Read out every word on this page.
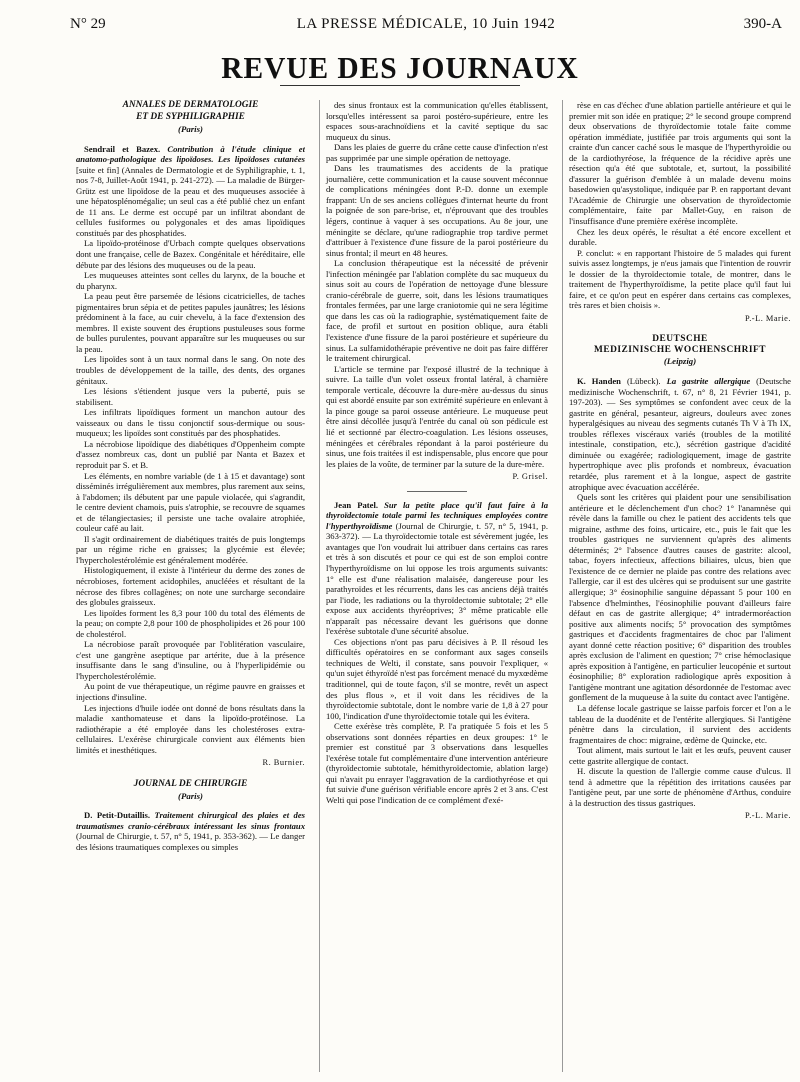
N° 29	LA PRESSE MÉDICALE, 10 Juin 1942	390-A
REVUE DES JOURNAUX
ANNALES DE DERMATOLOGIE
ET DE SYPHILIGRAPHIE
(Paris)

Sendrail et Bazex. Contribution à l'étude clinique et anatomo-pathologique des lipoïdoses. Les lipoïdoses cutanées [suite et fin] (Annales de Dermatologie et de Syphiligraphie, t. 1, nos 7-8, Juillet-Août 1941, p. 241-272). — La maladie de Bürger-Grütz est une lipoïdose de la peau et des muqueuses associée à une hépatosplénomégalie; un seul cas a été publié chez un enfant de 11 ans. Le derme est occupé par un infiltrat abondant de cellules fusiformes ou polygonales et des amas lipoïdiques constitués par des phosphatides.

La lipoïdo-protéinose d'Urbach compte quelques observations dont une française, celle de Bazex. Congénitale et héréditaire, elle débute par des lésions des muqueuses ou de la peau.

Les muqueuses atteintes sont celles du larynx, de la bouche et du pharynx.

La peau peut être parsemée de lésions cicatricielles, de taches pigmentaires brun sépia et de petites papules jaunâtres; les lésions prédominent à la face, au cuir chevelu, à la face d'extension des membres. Il existe souvent des éruptions pustuleuses sous forme de bulles purulentes, pouvant apparaître sur les muqueuses ou sur la peau.

Les lipoïdes sont à un taux normal dans le sang. On note des troubles de développement de la taille, des dents, des organes génitaux.

Les lésions s'étiendent jusque vers la puberté, puis se stabilisent.

Les infiltrats lipoïdiques forment un manchon autour des vaisseaux ou dans le tissu conjonctif sous-dermique ou sous-muqueux; les lipoïdes sont constitués par des phosphatides.

La nécrobiose lipoïdique des diabétiques d'Oppenheim compte d'assez nombreux cas, dont un publié par Nanta et Bazex et reproduit par S. et B.

Les éléments, en nombre variable (de 1 à 15 et davantage) sont disséminés irrégulièrement aux membres, plus rarement aux seins, à l'abdomen; ils débutent par une papule violacée, qui s'agrandit, le centre devient chamois, puis s'atrophie, se recouvre de squames et de télangiectasies; il persiste une tache ovalaire atrophiée, couleur café au lait.

Il s'agit ordinairement de diabétiques traités de puis longtemps par un régime riche en graisses; la glycémie est élevée; l'hypercholestérolémie est généralement modérée.

Histologiquement, il existe à l'intérieur du derme des zones de nécrobioses, fortement acidophiles, anucléées et résultant de la nécrose des fibres collagènes; on note une surcharge secondaire des globules graisseux.

Les lipoïdes forment les 8,3 pour 100 du total des éléments de la peau; on compte 2,8 pour 100 de phospholipides et 26 pour 100 de cholestérol.

La nécrobiose paraît provoquée par l'oblitération vasculaire, c'est une gangrène aseptique par artérite, due à la présence insuffisante dans le sang d'insuline, ou à l'hyperlipidémie ou l'hypercholestérolémie.

Au point de vue thérapeutique, un régime pauvre en graisses et injections d'insuline.

Les injections d'huile iodée ont donné de bons résultats dans la maladie xanthomateuse et dans la lipoïdo-protéinose. La radiothérapie a été employée dans les cholestéroses extra-cellulaires. L'exérèse chirurgicale convient aux éléments bien limités et inesthétiques.

R. Burnier.
JOURNAL DE CHIRURGIE
(Paris)

D. Petit-Dutaillis. Traitement chirurgical des plaies et des traumatismes cranio-cérébraux intéressant les sinus frontaux (Journal de Chirurgie, t. 57, n° 5, 1941, p. 353-362). — Le danger des lésions traumatiques complexes ou simples

des sinus frontaux est la communication qu'elles établissent, lorsqu'elles intéressent sa paroi postéro-supérieure, entre les espaces sous-arachnoïdiens et la cavité septique du sac muqueux du sinus.

Dans les plaies de guerre du crâne cette cause d'infection n'est pas supprimée par une simple opération de nettoyage.

Dans les traumatismes des accidents de la pratique journalière, cette communication et la cause souvent méconnue de complications méningées dont P.-D. donne un exemple frappant: Un de ses anciens collègues d'internat heurte du front la poignée de son pare-brise, et, n'éprouvant que des troubles légers, continue à vaquer à ses occupations. Au 8e jour, une méningite se déclare, qu'une radiographie trop tardive permet d'attribuer à l'existence d'une fissure de la paroi postérieure du sinus frontal; il meurt en 48 heures.

La conclusion thérapeutique est la nécessité de prévenir l'infection méningée par l'ablation complète du sac muqueux du sinus soit au cours de l'opération de nettoyage d'une blessure cranio-cérébrale de guerre, soit, dans les lésions traumatiques frontales fermées, par une large craniotomie qui ne sera légitime que dans les cas où la radiographie, systématiquement faite de face, de profil et surtout en position oblique, aura établi l'existence d'une fissure de la paroi postérieure et supérieure du sinus. La sulfamidothérapie préventive ne doit pas faire différer le traitement chirurgical.

L'article se termine par l'exposé illustré de la technique à suivre. La taille d'un volet osseux frontal latéral, à charnière temporale verticale, découvre la dure-mère au-dessus du sinus qui est abordé ensuite par son extrémité supérieure en enlevant à la pince gouge sa paroi osseuse antérieure. Le muqueuse peut être ainsi décollée jusqu'à l'entrée du canal où son pédicule est lié et sectionné par électro-coagulation. Les lésions osseuses, méningées et cérébrales répondant à la paroi postérieure du sinus, une fois traitées il est indispensable, plus encore que pour les plaies de la voûte, de terminer par la suture de la dure-mère.

P. Grisel.

Jean Patel. Sur la petite place qu'il faut faire à la thyroïdectomie totale parmi les techniques employées contre l'hyperthyroïdisme (Journal de Chirurgie, t. 57, n° 5, 1941, p. 363-372). — La thyroïdectomie totale est sévèrement jugée, les avantages que l'on voudrait lui attribuer dans certains cas rares et très à son discutés et pour ce qui est de son emploi contre l'hyperthyroïdisme on lui oppose les trois arguments suivants: 1° elle est d'une réalisation malaisée, dangereuse pour les parathyroïdes et les récurrents, dans les cas anciens déjà traités par l'iode, les radiations ou la thyroïdectomie subtotale; 2° elle expose aux accidents thyréoprives; 3° même praticable elle n'apparaît pas nécessaire devant les guérisons que donne l'exérèse subtotale d'une sécurité absolue.

Ces objections n'ont pas paru décisives à P. Il résoud les difficultés opératoires en se conformant aux sages conseils techniques de Welti, il constate, sans pouvoir l'expliquer, « qu'un sujet éthyroïdé n'est pas forcément menacé du myxœdème traditionnel, qui de toute façon, s'il se montre, revêt un aspect des plus flous », et il voit dans les récidives de la thyroïdectomie subtotale, dont le nombre varie de 1,8 à 27 pour 100, l'indication d'une thyroïdectomie totale qui les évitera.

Cette exérèse très complète, P. l'a pratiquée 5 fois et les 5 observations sont données réparties en deux groupes: 1° le premier est constitué par 3 observations dans lesquelles l'exérèse totale fut complémentaire d'une intervention antérieure (thyroïdectomie subtotale, hémithyroïdectomie, ablation large) qui n'avait pu enrayer l'aggravation de la cardiothyréose et qui fut suivie d'une guérison vérifiable encore après 2 et 3 ans. C'est Welti qui pose l'indication de ce complément d'exé-

rèse en cas d'échec d'une ablation partielle antérieure et qui le premier mit son idée en pratique; 2° le second groupe comprend deux observations de thyroïdectomie totale faite comme opération immédiate, justifiée par trois arguments qui sont la crainte d'un cancer caché sous le masque de l'hyperthyroïdie ou de la cardiothyréose, la fréquence de la récidive après une résection qu'a été que subtotale, et, surtout, la possibilité d'assurer la guérison d'emblée à un malade devenu moins basedowien qu'asystolique, indiquée par P. en rapportant devant l'Académie de Chirurgie une observation de thyroïdectomie complémentaire, faite par Mallet-Guy, en raison de l'insuffisance d'une première exérèse incomplète.

Chez les deux opérés, le résultat a été encore excellent et durable.

P. conclut: « en rapportant l'histoire de 5 malades qui furent suivis assez longtemps, je n'eus jamais que l'intention de rouvrir le dossier de la thyroïdectomie totale, de montrer, dans le traitement de l'hyperthyroïdisme, la petite place qu'il faut lui faire, et ce qu'on peut en espérer dans certains cas complexes, très rares et bien choisis ».

P.-L. Marie.
DEUTSCHE
MEDIZINISCHE WOCHENSCHRIFT
(Leipzig)

K. Handen (Lübeck). La gastrite allergique (Deutsche medizinische Wochenschrift, t. 67, n° 8, 21 Février 1941, p. 197-203). — Ses symptômes se confondent avec ceux de la gastrite en général, pesanteur, aigreurs, douleurs avec zones hyperalgésiques au niveau des segments cutanés Th V à Th IX, troubles réflexes viscéraux variés (troubles de la motilité intestinale, constipation, etc.), sécrétion gastrique d'acidité diminuée ou exagérée; radiologiquement, image de gastrite hypertrophique avec plis profonds et nombreux, évacuation retardée, plus rarement et à la longue, aspect de gastrite atrophique avec évacuation accélérée.

Quels sont les critères qui plaident pour une sensibilisation antérieure et le déclenchement d'un choc? 1° l'anamnèse qui révèle dans la famille ou chez le patient des accidents tels que migraine, asthme des foins, urticaire, etc., puis le fait que les troubles gastriques ne surviennent qu'après des aliments déterminés; 2° l'absence d'autres causes de gastrite: alcool, tabac, foyers infectieux, affections biliaires, ulcus, bien que l'existence de ce dernier ne plaide pas contre des relations avec l'allergie, car il est des ulcères qui se produisent sur une gastrite allergique; 3° éosinophilie sanguine dépassant 5 pour 100 en l'absence d'helminthes, l'éosinophilie pouvant d'ailleurs faire défaut en cas de gastrite allergique; 4° intradermoréaction positive aux aliments nocifs; 5° provocation des symptômes gastriques et d'accidents fragmentaires de choc par l'aliment ayant donné cette réaction positive; 6° disparition des troubles après exclusion de l'aliment en question; 7° crise hémoclasique après exposition à l'antigène, en particulier leucopénie et surtout éosinophilie; 8° exploration radiologique après exposition à l'antigène montrant une agitation désordonnée de l'estomac avec gonflement de la muqueuse à la suite du contact avec l'antigène.

La défense locale gastrique se laisse parfois forcer et l'on a le tableau de la duodénite et de l'entérite allergiques. Si l'antigène pénètre dans la circulation, il survient des accidents fragmentaires de choc: migraine, œdème de Quincke, etc.

Tout aliment, mais surtout le lait et les œufs, peuvent causer cette gastrite allergique de contact.

H. discute la question de l'allergie comme cause d'ulcus. Il tend à admettre que la répétition des irritations causées par l'antigène peut, par une sorte de phénomène d'Arthus, conduire à la destruction des tissus gastriques.

P.-L. Marie.
